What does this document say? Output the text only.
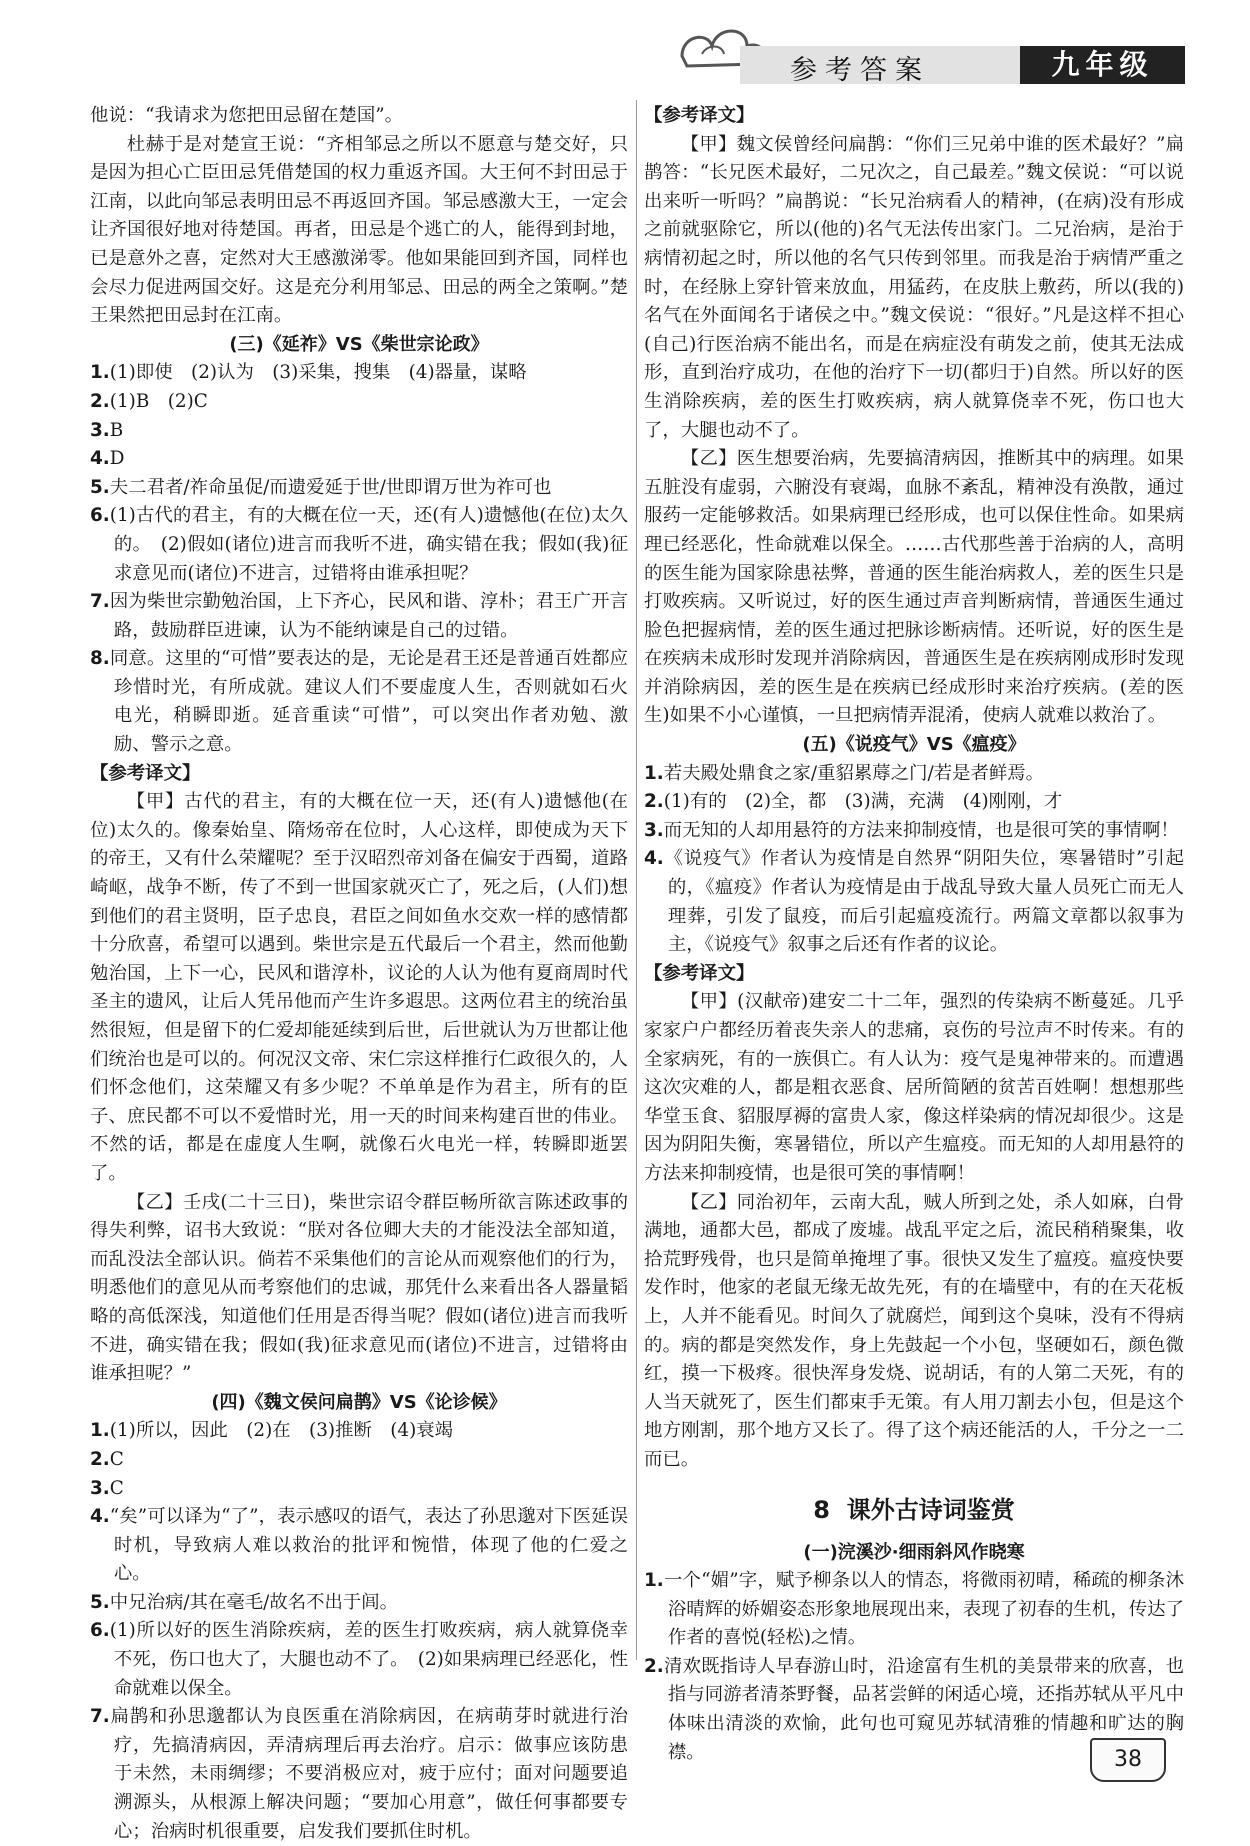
参考答案	九年级

他说：“我请求为您把田忌留在楚国”。

杜赫于是对楚宣王说：“齐相邹忌之所以不愿意与楚交好，只是因为担心亡臣田忌凭借楚国的权力重返齐国。大王何不封田忌于江南，以此向邹忌表明田忌不再返回齐国。邹忌感激大王，一定会让齐国很好地对待楚国。再者，田忌是个逃亡的人，能得到封地，已是意外之喜，定然对大王感激涕零。他如果能回到齐国，同样也会尽力促进两国交好。这是充分利用邹忌、田忌的两全之策啊。”楚王果然把田忌封在江南。

(三)《延祚》VS《柴世宗论政》

1.(1)即使　(2)认为　(3)采集，搜集　(4)器量，谋略

2.(1)B　(2)C

3.B

4.D

5.夫二君者/祚命虽促/而遗爱延于世/世即谓万世为祚可也

6.(1)古代的君主，有的大概在位一天，还(有人)遗憾他(在位)太久的。　(2)假如(诸位)进言而我听不进，确实错在我；假如(我)征求意见而(诸位)不进言，过错将由谁承担呢？

7.因为柴世宗勤勉治国，上下齐心，民风和谐、淳朴；君王广开言路，鼓励群臣进谏，认为不能纳谏是自己的过错。

8.同意。这里的“可惜”要表达的是，无论是君王还是普通百姓都应珍惜时光，有所成就。建议人们不要虚度人生，否则就如石火电光，稍瞬即逝。延音重读“可惜”，可以突出作者劝勉、激励、警示之意。

【参考译文】

【甲】古代的君主，有的大概在位一天，还(有人)遗憾他(在位)太久的。像秦始皇、隋炀帝在位时，人心这样，即使成为天下的帝王，又有什么荣耀呢？至于汉昭烈帝刘备在偏安于西蜀，道路崎岖，战争不断，传了不到一世国家就灭亡了，死之后，(人们)想到他们的君主贤明，臣子忠良，君臣之间如鱼水交欢一样的感情都十分欣喜，希望可以遇到。柴世宗是五代最后一个君主，然而他勤勉治国，上下一心，民风和谐淳朴，议论的人认为他有夏商周时代圣主的遗风，让后人凭吊他而产生许多遐思。这两位君主的统治虽然很短，但是留下的仁爱却能延续到后世，后世就认为万世都让他们统治也是可以的。何况汉文帝、宋仁宗这样推行仁政很久的，人们怀念他们，这荣耀又有多少呢？不单单是作为君主，所有的臣子、庶民都不可以不爱惜时光，用一天的时间来构建百世的伟业。不然的话，都是在虚度人生啊，就像石火电光一样，转瞬即逝罢了。

【乙】壬戌(二十三日)，柴世宗诏令群臣畅所欲言陈述政事的得失利弊，诏书大致说：“朕对各位卿大夫的才能没法全部知道，而乱没法全部认识。倘若不采集他们的言论从而观察他们的行为，明悉他们的意见从而考察他们的忠诚，那凭什么来看出各人器量韬略的高低深浅，知道他们任用是否得当呢？假如(诸位)进言而我听不进，确实错在我；假如(我)征求意见而(诸位)不进言，过错将由谁承担呢？”

(四)《魏文侯问扁鹊》VS《论诊候》

1.(1)所以，因此　(2)在　(3)推断　(4)衰竭

2.C

3.C

4.“矣”可以译为“了”，表示感叹的语气，表达了孙思邈对下医延误时机，导致病人难以救治的批评和惋惜，体现了他的仁爱之心。

5.中兄治病/其在毫毛/故名不出于闾。

6.(1)所以好的医生消除疾病，差的医生打败疾病，病人就算侥幸不死，伤口也大了，大腿也动不了。　(2)如果病理已经恶化，性命就难以保全。

7.扁鹊和孙思邈都认为良医重在消除病因，在病萌芽时就进行治疗，先搞清病因，弄清病理后再去治疗。启示：做事应该防患于未然，未雨绸缪；不要消极应对，疲于应付；面对问题要追溯源头，从根源上解决问题；“要加心用意”，做任何事都要专心；治病时机很重要，启发我们要抓住时机。

【参考译文】

【甲】魏文侯曾经问扁鹊：“你们三兄弟中谁的医术最好？”扁鹊答：“长兄医术最好，二兄次之，自己最差。”魏文侯说：“可以说出来听一听吗？”扁鹊说：“长兄治病看人的精神，(在病)没有形成之前就驱除它，所以(他的)名气无法传出家门。二兄治病，是治于病情初起之时，所以他的名气只传到邻里。而我是治于病情严重之时，在经脉上穿针管来放血，用猛药，在皮肤上敷药，所以(我的)名气在外面闻名于诸侯之中。”魏文侯说：“很好。”凡是这样不担心(自己)行医治病不能出名，而是在病症没有萌发之前，使其无法成形，直到治疗成功，在他的治疗下一切(都归于)自然。所以好的医生消除疾病，差的医生打败疾病，病人就算侥幸不死，伤口也大了，大腿也动不了。

【乙】医生想要治病，先要搞清病因，推断其中的病理。如果五脏没有虚弱，六腑没有衰竭，血脉不紊乱，精神没有涣散，通过服药一定能够救活。如果病理已经形成，也可以保住性命。如果病理已经恶化，性命就难以保全。……古代那些善于治病的人，高明的医生能为国家除患祛弊，普通的医生能治病救人，差的医生只是打败疾病。又听说过，好的医生通过声音判断病情，普通医生通过脸色把握病情，差的医生通过把脉诊断病情。还听说，好的医生是在疾病未成形时发现并消除病因，普通医生是在疾病刚成形时发现并消除病因，差的医生是在疾病已经成形时来治疗疾病。(差的医生)如果不小心谨慎，一旦把病情弄混淆，使病人就难以救治了。

(五)《说疫气》VS《瘟疫》

1.若夫殿处鼎食之家/重貂累蓐之门/若是者鲜焉。

2.(1)有的　(2)全，都　(3)满，充满　(4)刚刚，才

3.而无知的人却用悬符的方法来抑制疫情，也是很可笑的事情啊！

4.《说疫气》作者认为疫情是自然界“阴阳失位，寒暑错时”引起的，《瘟疫》作者认为疫情是由于战乱导致大量人员死亡而无人理葬，引发了鼠疫，而后引起瘟疫流行。两篇文章都以叙事为主，《说疫气》叙事之后还有作者的议论。

【参考译文】

【甲】(汉献帝)建安二十二年，强烈的传染病不断蔓延。几乎家家户户都经历着丧失亲人的悲痛，哀伤的号泣声不时传来。有的全家病死，有的一族俱亡。有人认为：疫气是鬼神带来的。而遭遇这次灾难的人，都是粗衣恶食、居所简陋的贫苦百姓啊！想想那些华堂玉食、貂服厚褥的富贵人家，像这样染病的情况却很少。这是因为阴阳失衡，寒暑错位，所以产生瘟疫。而无知的人却用悬符的方法来抑制疫情，也是很可笑的事情啊！

【乙】同治初年，云南大乱，贼人所到之处，杀人如麻，白骨满地，通都大邑，都成了废墟。战乱平定之后，流民稍稍聚集，收拾荒野残骨，也只是简单掩埋了事。很快又发生了瘟疫。瘟疫快要发作时，他家的老鼠无缘无故先死，有的在墙壁中，有的在天花板上，人并不能看见。时间久了就腐烂，闻到这个臭味，没有不得病的。病的都是突然发作，身上先鼓起一个小包，坚硬如石，颜色微红，摸一下极疼。很快浑身发烧、说胡话，有的人第二天死，有的人当天就死了，医生们都束手无策。有人用刀割去小包，但是这个地方刚割，那个地方又长了。得了这个病还能活的人，千分之一二而已。

8 课外古诗词鉴赏

(一)浣溪沙·细雨斜风作晓寒

1.一个“媚”字，赋予柳条以人的情态，将微雨初晴，稀疏的柳条沐浴晴辉的娇媚姿态形象地展现出来，表现了初春的生机，传达了作者的喜悦(轻松)之情。

2.清欢既指诗人早春游山时，沿途富有生机的美景带来的欣喜，也指与同游者清茶野餐，品茗尝鲜的闲适心境，还指苏轼从平凡中体味出清淡的欢愉，此句也可窥见苏轼清雅的情趣和旷达的胸襟。	38
